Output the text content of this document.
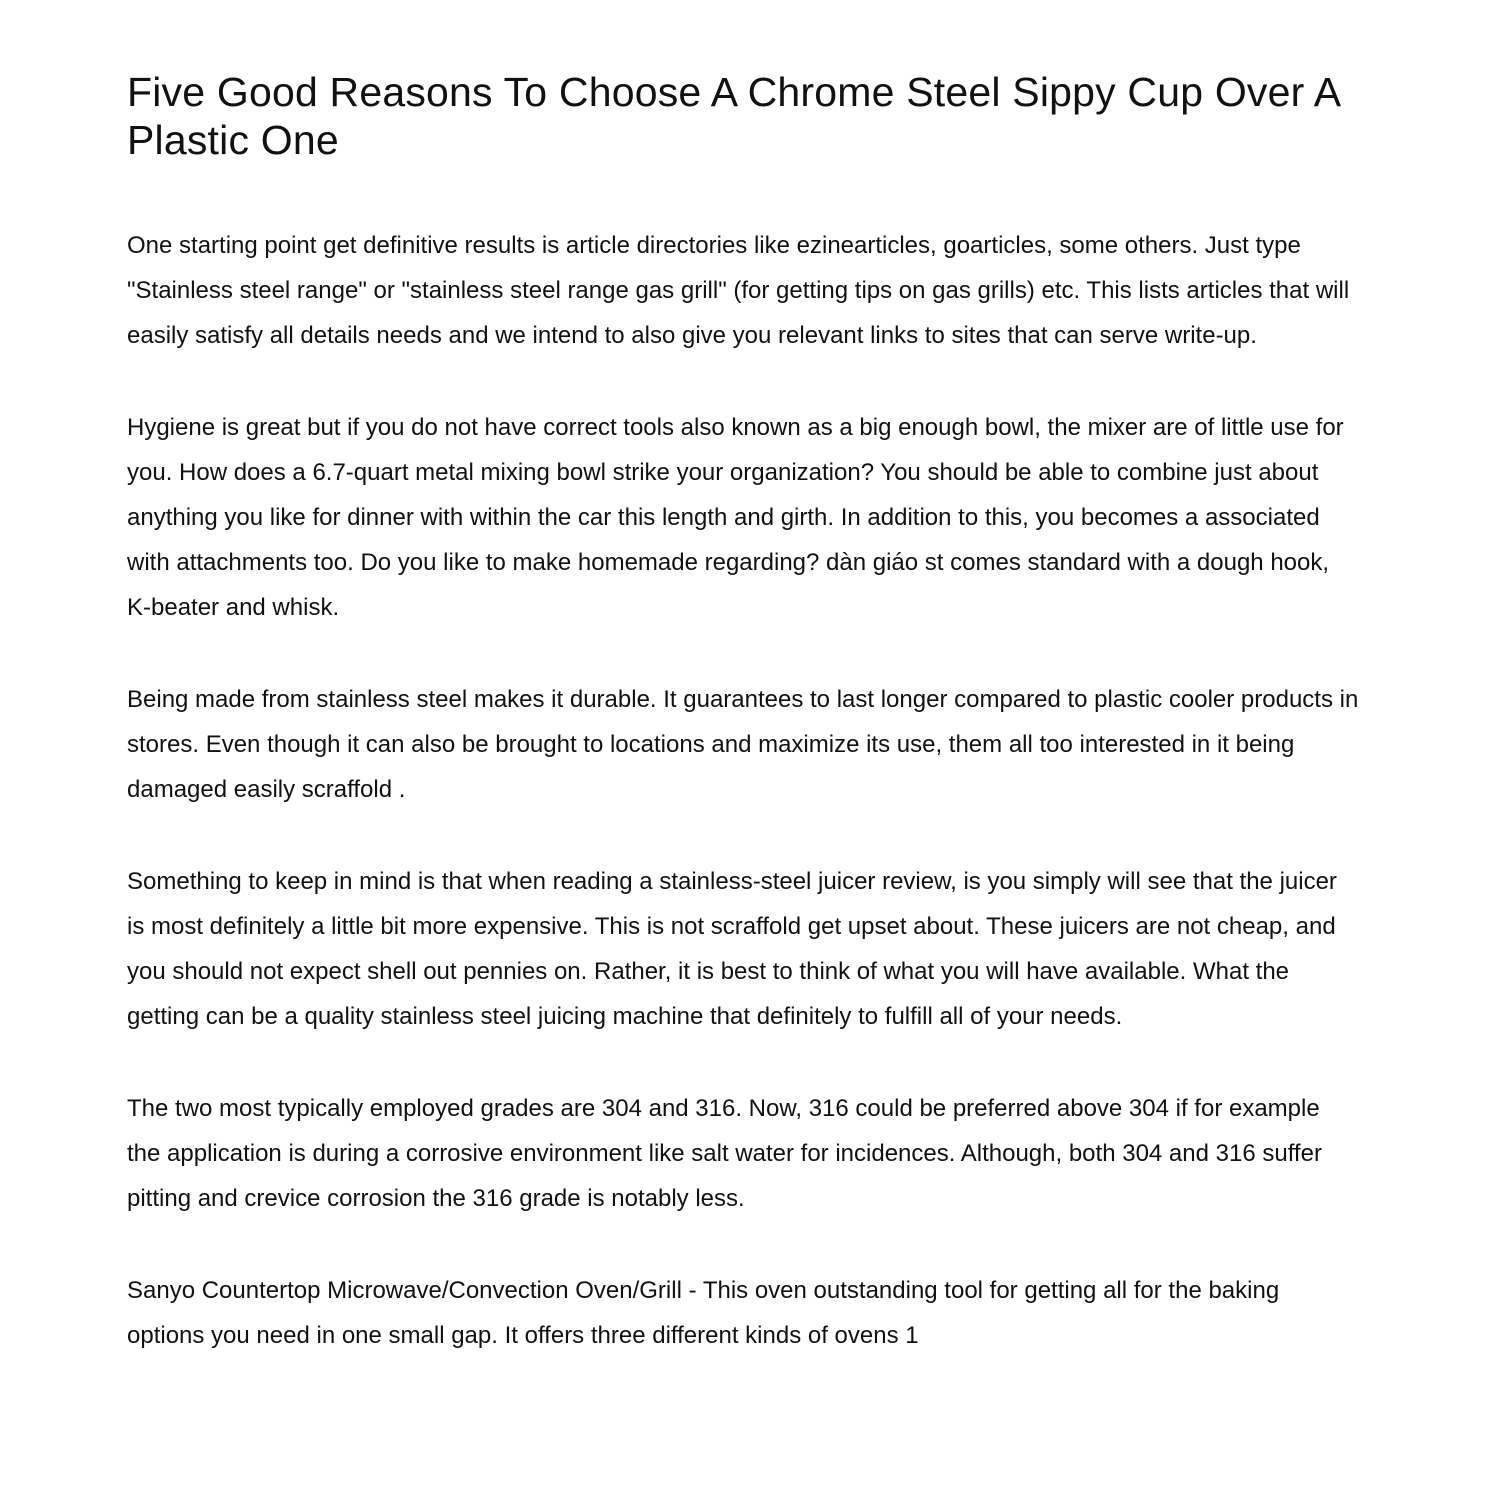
Five Good Reasons To Choose A Chrome Steel Sippy Cup Over A Plastic One

One starting point get definitive results is article directories like ezinearticles, goarticles, some others. Just type "Stainless steel range" or "stainless steel range gas grill" (for getting tips on gas grills) etc. This lists articles that will easily satisfy all details needs and we intend to also give you relevant links to sites that can serve write-up.

Hygiene is great but if you do not have correct tools also known as a big enough bowl, the mixer are of little use for you. How does a 6.7-quart metal mixing bowl strike your organization? You should be able to combine just about anything you like for dinner with within the car this length and girth. In addition to this, you becomes a associated with attachments too. Do you like to make homemade regarding? dàn giáo st comes standard with a dough hook, K-beater and whisk.

Being made from stainless steel makes it durable. It guarantees to last longer compared to plastic cooler products in stores. Even though it can also be brought to locations and maximize its use, them all too interested in it being damaged easily scraffold .

Something to keep in mind is that when reading a stainless-steel juicer review, is you simply will see that the juicer is most definitely a little bit more expensive. This is not scraffold get upset about. These juicers are not cheap, and you should not expect shell out pennies on. Rather, it is best to think of what you will have available. What the getting can be a quality stainless steel juicing machine that definitely to fulfill all of your needs.

The two most typically employed grades are 304 and 316. Now, 316 could be preferred above 304 if for example the application is during a corrosive environment like salt water for incidences. Although, both 304 and 316 suffer pitting and crevice corrosion the 316 grade is notably less.

Sanyo Countertop Microwave/Convection Oven/Grill - This oven outstanding tool for getting all for the baking options you need in one small gap. It offers three different kinds of ovens 1
